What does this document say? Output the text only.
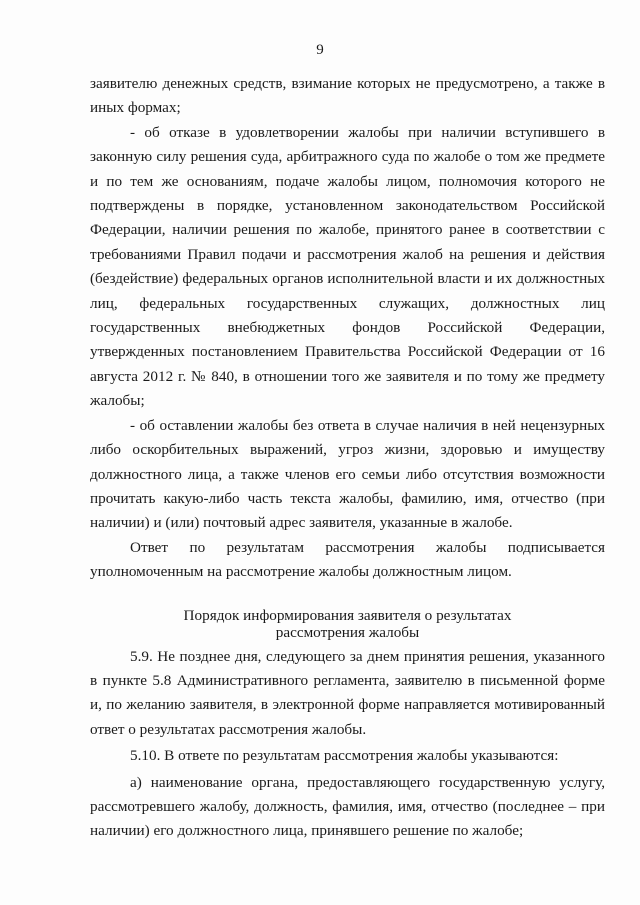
9

заявителю денежных средств, взимание которых не предусмотрено, а также в иных формах;

- об отказе в удовлетворении жалобы при наличии вступившего в законную силу решения суда, арбитражного суда по жалобе о том же предмете и по тем же основаниям, подаче жалобы лицом, полномочия которого не подтверждены в порядке, установленном законодательством Российской Федерации, наличии решения по жалобе, принятого ранее в соответствии с требованиями Правил подачи и рассмотрения жалоб на решения и действия (бездействие) федеральных органов исполнительной власти и их должностных лиц, федеральных государственных служащих, должностных лиц государственных внебюджетных фондов Российской Федерации, утвержденных постановлением Правительства Российской Федерации от 16 августа 2012 г. № 840, в отношении того же заявителя и по тому же предмету жалобы;

- об оставлении жалобы без ответа в случае наличия в ней нецензурных либо оскорбительных выражений, угроз жизни, здоровью и имуществу должностного лица, а также членов его семьи либо отсутствия возможности прочитать какую-либо часть текста жалобы, фамилию, имя, отчество (при наличии) и (или) почтовый адрес заявителя, указанные в жалобе.

Ответ по результатам рассмотрения жалобы подписывается уполномоченным на рассмотрение жалобы должностным лицом.

Порядок информирования заявителя о результатах
рассмотрения жалобы

5.9. Не позднее дня, следующего за днем принятия решения, указанного в пункте 5.8 Административного регламента, заявителю в письменной форме и, по желанию заявителя, в электронной форме направляется мотивированный ответ о результатах рассмотрения жалобы.

5.10. В ответе по результатам рассмотрения жалобы указываются:

а) наименование органа, предоставляющего государственную услугу, рассмотревшего жалобу, должность, фамилия, имя, отчество (последнее – при наличии) его должностного лица, принявшего решение по жалобе;
